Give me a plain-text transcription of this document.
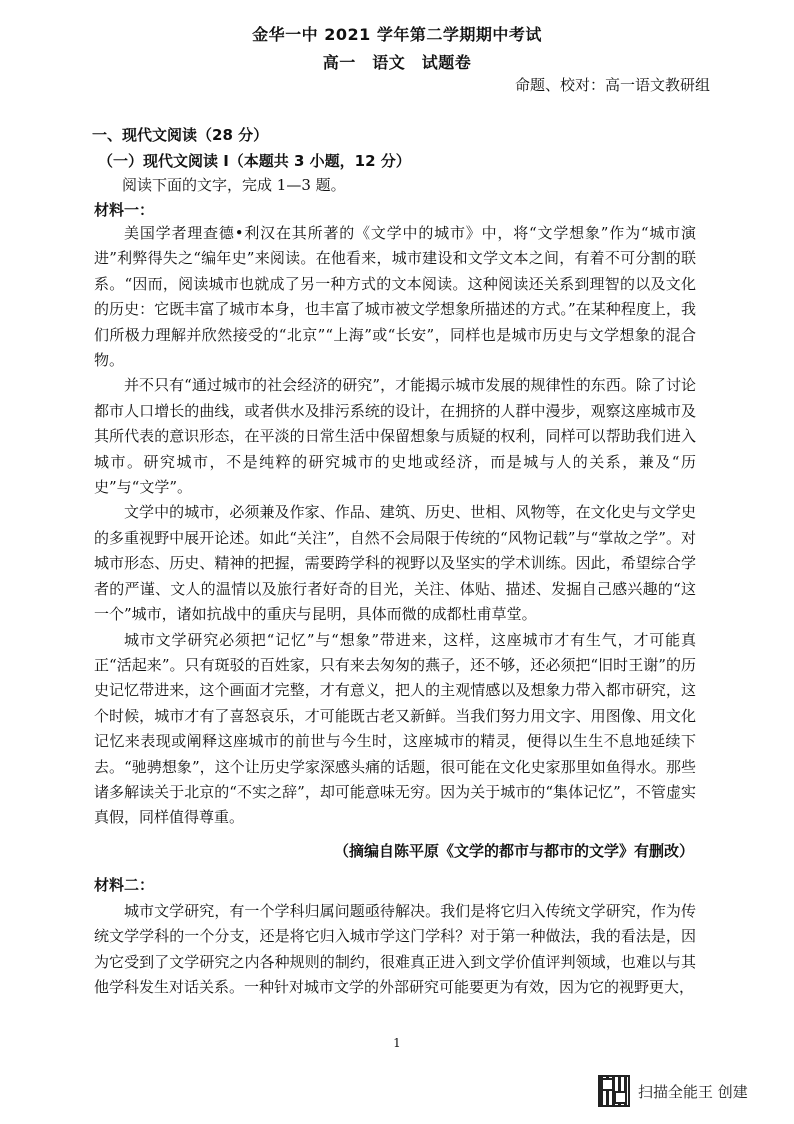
金华一中 2021 学年第二学期期中考试
高一　语文　试题卷
命题、校对：高一语文教研组
一、现代文阅读（28 分）
（一）现代文阅读 I（本题共 3 小题，12 分）
阅读下面的文字，完成 1—3 题。
材料一：

美国学者理查德•利汉在其所著的《文学中的城市》中，将“文学想象”作为“城市演进”利弊得失之“编年史”来阅读。在他看来，城市建设和文学文本之间，有着不可分割的联系。“因而，阅读城市也就成了另一种方式的文本阅读。这种阅读还关系到理智的以及文化的历史：它既丰富了城市本身，也丰富了城市被文学想象所描述的方式。”在某种程度上，我们所极力理解并欣然接受的“北京”“上海”或“长安”，同样也是城市历史与文学想象的混合物。

并不只有“通过城市的社会经济的研究”，才能揭示城市发展的规律性的东西。除了讨论都市人口增长的曲线，或者供水及排污系统的设计，在拥挤的人群中漫步，观察这座城市及其所代表的意识形态，在平淡的日常生活中保留想象与质疑的权利，同样可以帮助我们进入城市。研究城市，不是纯粹的研究城市的史地或经济，而是城与人的关系，兼及“历史”与“文学”。

文学中的城市，必须兼及作家、作品、建筑、历史、世相、风物等，在文化史与文学史的多重视野中展开论述。如此“关注”，自然不会局限于传统的“风物记载”与“掌故之学”。对城市形态、历史、精神的把握，需要跨学科的视野以及坚实的学术训练。因此，希望综合学者的严谨、文人的温情以及旅行者好奇的目光，关注、体贴、描述、发掘自己感兴趣的“这一个”城市，诸如抗战中的重庆与昆明，具体而微的成都杜甫草堂。

城市文学研究必须把“记忆”与“想象”带进来，这样，这座城市才有生气，才可能真正“活起来”。只有斑驳的百姓家，只有来去匆匆的燕子，还不够，还必须把“旧时王谢”的历史记忆带进来，这个画面才完整，才有意义，把人的主观情感以及想象力带入都市研究，这个时候，城市才有了喜怒哀乐，才可能既古老又新鲜。当我们努力用文字、用图像、用文化记忆来表现或阐释这座城市的前世与今生时，这座城市的精灵，便得以生生不息地延续下去。“驰骋想象”，这个让历史学家深感头痛的话题，很可能在文化史家那里如鱼得水。那些诸多解读关于北京的“不实之辞”，却可能意味无穷。因为关于城市的“集体记忆”，不管虚实真假，同样值得尊重。

（摘编自陈平原《文学的都市与都市的文学》有删改）
材料二：

城市文学研究，有一个学科归属问题亟待解决。我们是将它归入传统文学研究，作为传统文学学科的一个分支，还是将它归入城市学这门学科？对于第一种做法，我的看法是，因为它受到了文学研究之内各种规则的制约，很难真正进入到文学价值评判领域，也难以与其他学科发生对话关系。一种针对城市文学的外部研究可能要更为有效，因为它的视野更大，

1
扫描全能王 创建
